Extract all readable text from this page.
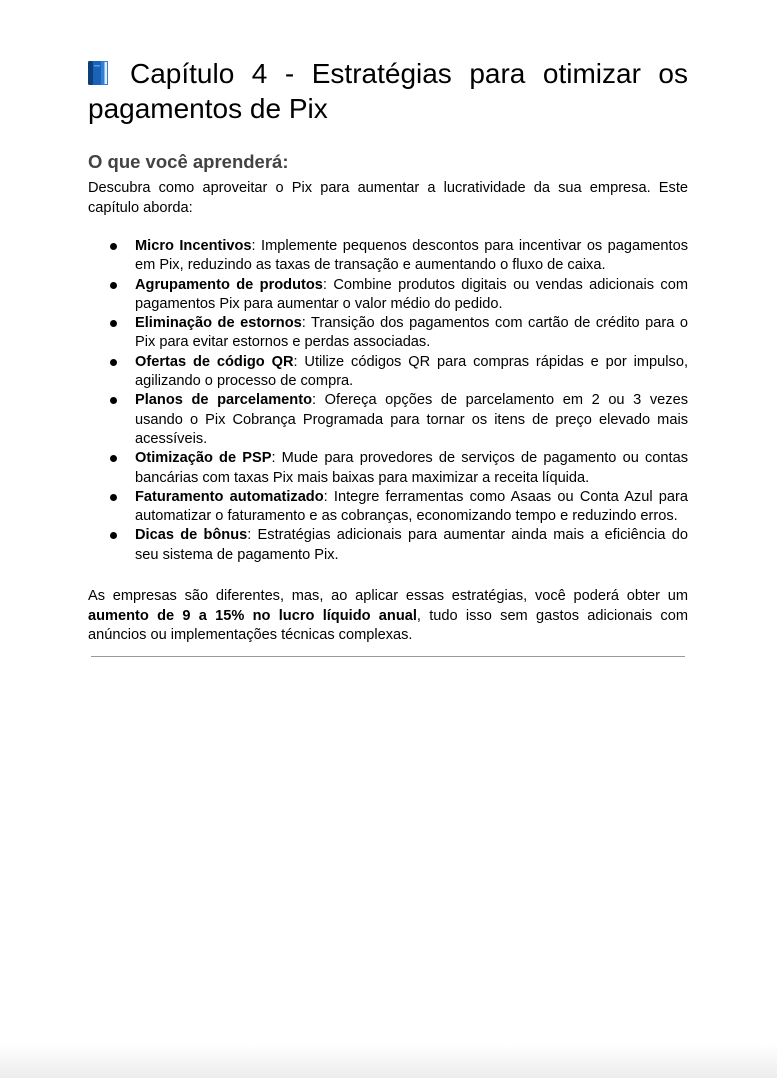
Capítulo 4 - Estratégias para otimizar os pagamentos de Pix
O que você aprenderá:

Descubra como aproveitar o Pix para aumentar a lucratividade da sua empresa. Este capítulo aborda:

Micro Incentivos: Implemente pequenos descontos para incentivar os pagamentos em Pix, reduzindo as taxas de transação e aumentando o fluxo de caixa.
Agrupamento de produtos: Combine produtos digitais ou vendas adicionais com pagamentos Pix para aumentar o valor médio do pedido.
Eliminação de estornos: Transição dos pagamentos com cartão de crédito para o Pix para evitar estornos e perdas associadas.
Ofertas de código QR: Utilize códigos QR para compras rápidas e por impulso, agilizando o processo de compra.
Planos de parcelamento: Ofereça opções de parcelamento em 2 ou 3 vezes usando o Pix Cobrança Programada para tornar os itens de preço elevado mais acessíveis.
Otimização de PSP: Mude para provedores de serviços de pagamento ou contas bancárias com taxas Pix mais baixas para maximizar a receita líquida.
Faturamento automatizado: Integre ferramentas como Asaas ou Conta Azul para automatizar o faturamento e as cobranças, economizando tempo e reduzindo erros.
Dicas de bônus: Estratégias adicionais para aumentar ainda mais a eficiência do seu sistema de pagamento Pix.

As empresas são diferentes, mas, ao aplicar essas estratégias, você poderá obter um aumento de 9 a 15% no lucro líquido anual, tudo isso sem gastos adicionais com anúncios ou implementações técnicas complexas.
